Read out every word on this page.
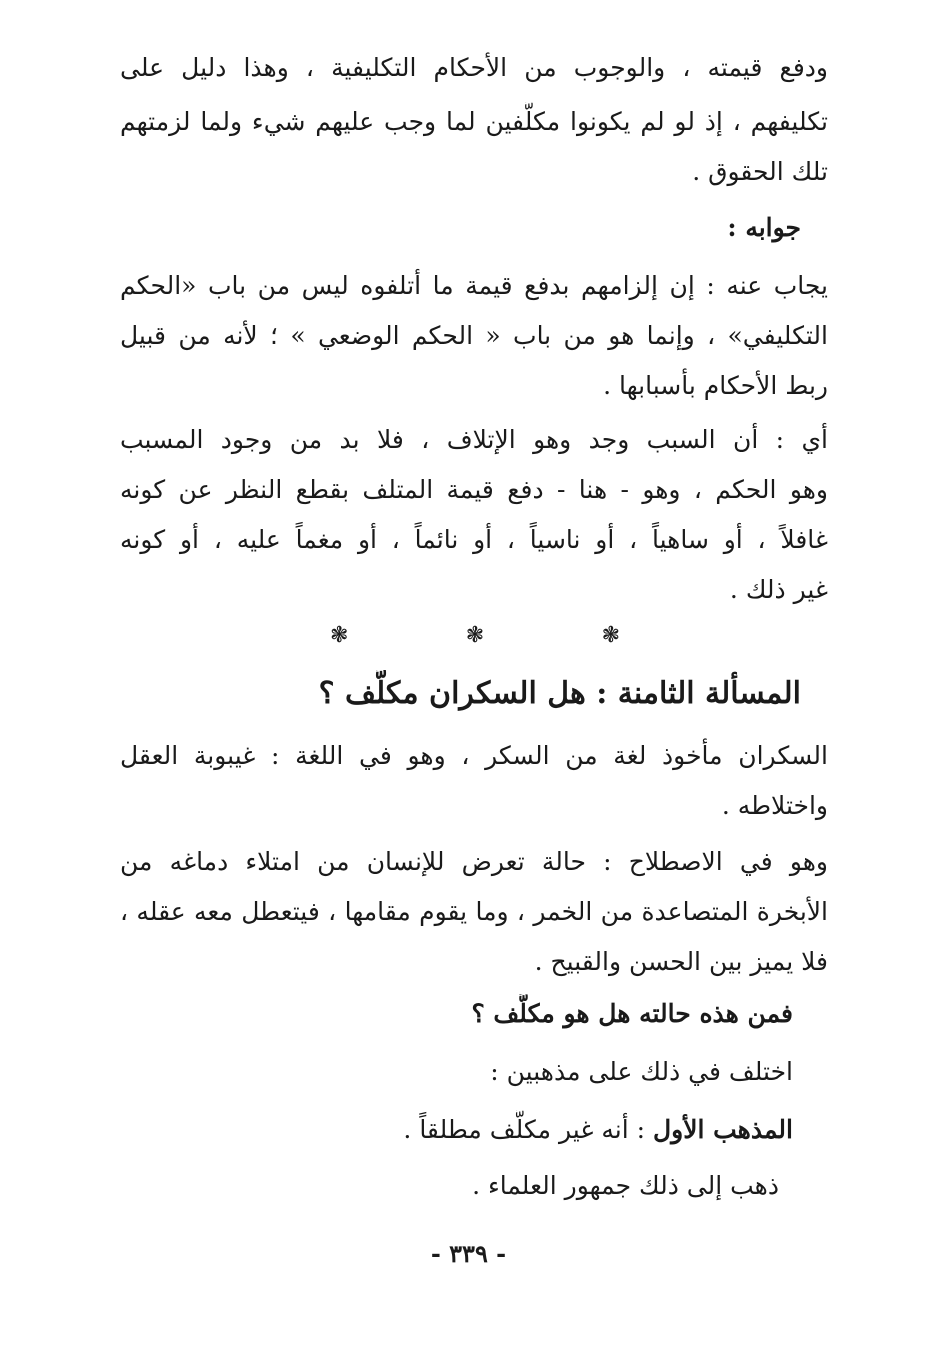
ودفع قيمته ، والوجوب من الأحكام التكليفية ، وهذا دليل على
تكليفهم ، إذ لو لم يكونوا مكلَّفين لما وجب عليهم شيء ولما لزمتهم
تلك الحقوق .
جوابه :
يجاب عنه : إن إلزامهم بدفع قيمة ما أتلفوه ليس من باب «الحكم
التكليفي» ، وإنما هو من باب « الحكم الوضعي » ؛ لأنه من قبيل
ربط الأحكام بأسبابها .
أي : أن السبب وجد وهو الإتلاف ، فلا بد من وجود المسبب
وهو الحكم ، وهو - هنا - دفع قيمة المتلف بقطع النظر عن كونه
غافلاً ، أو ساهياً ، أو ناسياً ، أو نائماً ، أو مغماً عليه ، أو كونه
غير ذلك .
❃	❃	❃
المسألة الثامنة : هل السكران مكلَّف ؟
السكران مأخوذ لغة من السكر ، وهو في اللغة : غيبوبة العقل
واختلاطه .
وهو في الاصطلاح : حالة تعرض للإنسان من امتلاء دماغه من
الأبخرة المتصاعدة من الخمر ، وما يقوم مقامها ، فيتعطل معه عقله ،
فلا يميز بين الحسن والقبيح .
فمن هذه حالته هل هو مكلَّف ؟
اختلف في ذلك على مذهبين :
المذهب الأول : أنه غير مكلَّف مطلقاً .
ذهب إلى ذلك جمهور العلماء .
- ٣٣٩ -
